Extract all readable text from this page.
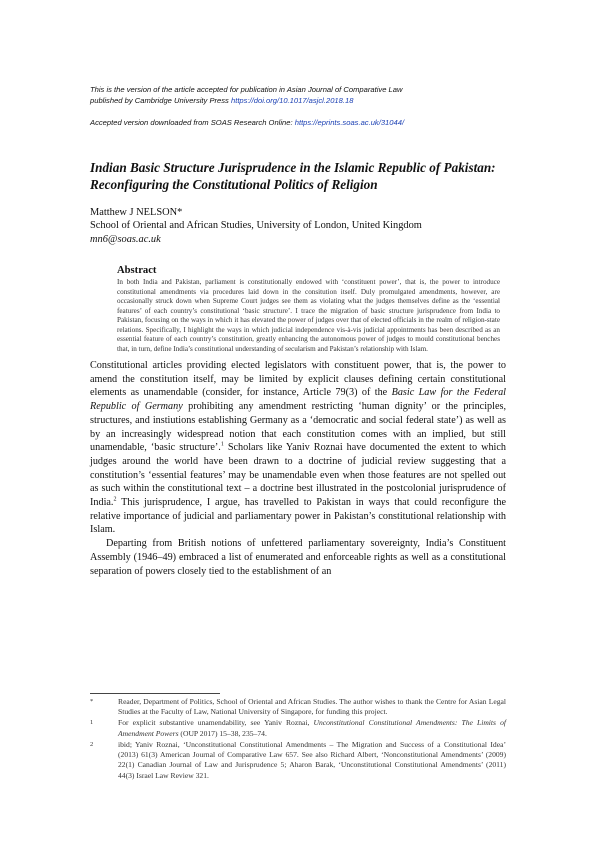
This is the version of the article accepted for publication in Asian Journal of Comparative Law
published by Cambridge University Press https://doi.org/10.1017/asjcl.2018.18
Accepted version downloaded from SOAS Research Online: https://eprints.soas.ac.uk/31044/
Indian Basic Structure Jurisprudence in the Islamic Republic of Pakistan: Reconfiguring the Constitutional Politics of Religion
Matthew J NELSON*
School of Oriental and African Studies, University of London, United Kingdom
mn6@soas.ac.uk
Abstract

In both India and Pakistan, parliament is constitutionally endowed with ‘constituent power’, that is, the power to introduce constitutional amendments via procedures laid down in the consitution itself. Duly promulgated amendments, however, are occasionally struck down when Supreme Court judges see them as violating what the judges themselves define as the ‘essential features’ of each country’s constitutional ‘basic structure’. I trace the migration of basic structure jurisprudence from India to Pakistan, focusing on the ways in which it has elevated the power of judges over that of elected officials in the realm of religion-state relations. Specifically, I highlight the ways in which judicial independence vis-à-vis judicial appointments has been described as an essential feature of each country’s constitution, greatly enhancing the autonomous power of judges to mould constitutional benches that, in turn, define India’s constitutional understanding of secularism and Pakistan’s relationship with Islam.

Constitutional articles providing elected legislators with constituent power, that is, the power to amend the constitution itself, may be limited by explicit clauses defining certain constitutional elements as unamendable (consider, for instance, Article 79(3) of the Basic Law for the Federal Republic of Germany prohibiting any amendment restricting ‘human dignity’ or the principles, structures, and instiutions establishing Germany as a ‘democratic and social federal state’) as well as by an increasingly widespread notion that each constitution comes with an implied, but still unamendable, ‘basic structure’.$^1$ Scholars like Yaniv Roznai have documented the extent to which judges around the world have been drawn to a doctrine of judicial review suggesting that a constitution’s ‘essential features’ may be unamendable even when those features are not spelled out as such within the constitutional text – a doctrine best illustrated in the postcolonial jurisprudence of India.$^2$ This jurisprudence, I argue, has travelled to Pakistan in ways that could reconfigure the relative importance of judicial and parliamentary power in Pakistan’s constitutional relationship with Islam.

Departing from British notions of unfettered parliamentary sovereignty, India’s Constituent Assembly (1946–49) embraced a list of enumerated and enforceable rights as well as a constitutional separation of powers closely tied to the establishment of an

*	Reader, Department of Politics, School of Oriental and African Studies. The author wishes to thank the Centre for Asian Legal Studies at the Faculty of Law, National University of Singapore, for funding this project.
1	For explicit substantive unamendability, see Yaniv Roznai, Unconstitutional Constitutional Amendments: The Limits of Amendment Powers (OUP 2017) 15–38, 235–74.
2	ibid; Yaniv Roznai, ‘Unconstitutional Constitutional Amendments – The Migration and Success of a Constitutional Idea’ (2013) 61(3) American Journal of Comparative Law 657. See also Richard Albert, ‘Nonconstitutional Amendments’ (2009) 22(1) Canadian Journal of Law and Jurisprudence 5; Aharon Barak, ‘Unconstitutional Constitutional Amendments’ (2011) 44(3) Israel Law Review 321.
